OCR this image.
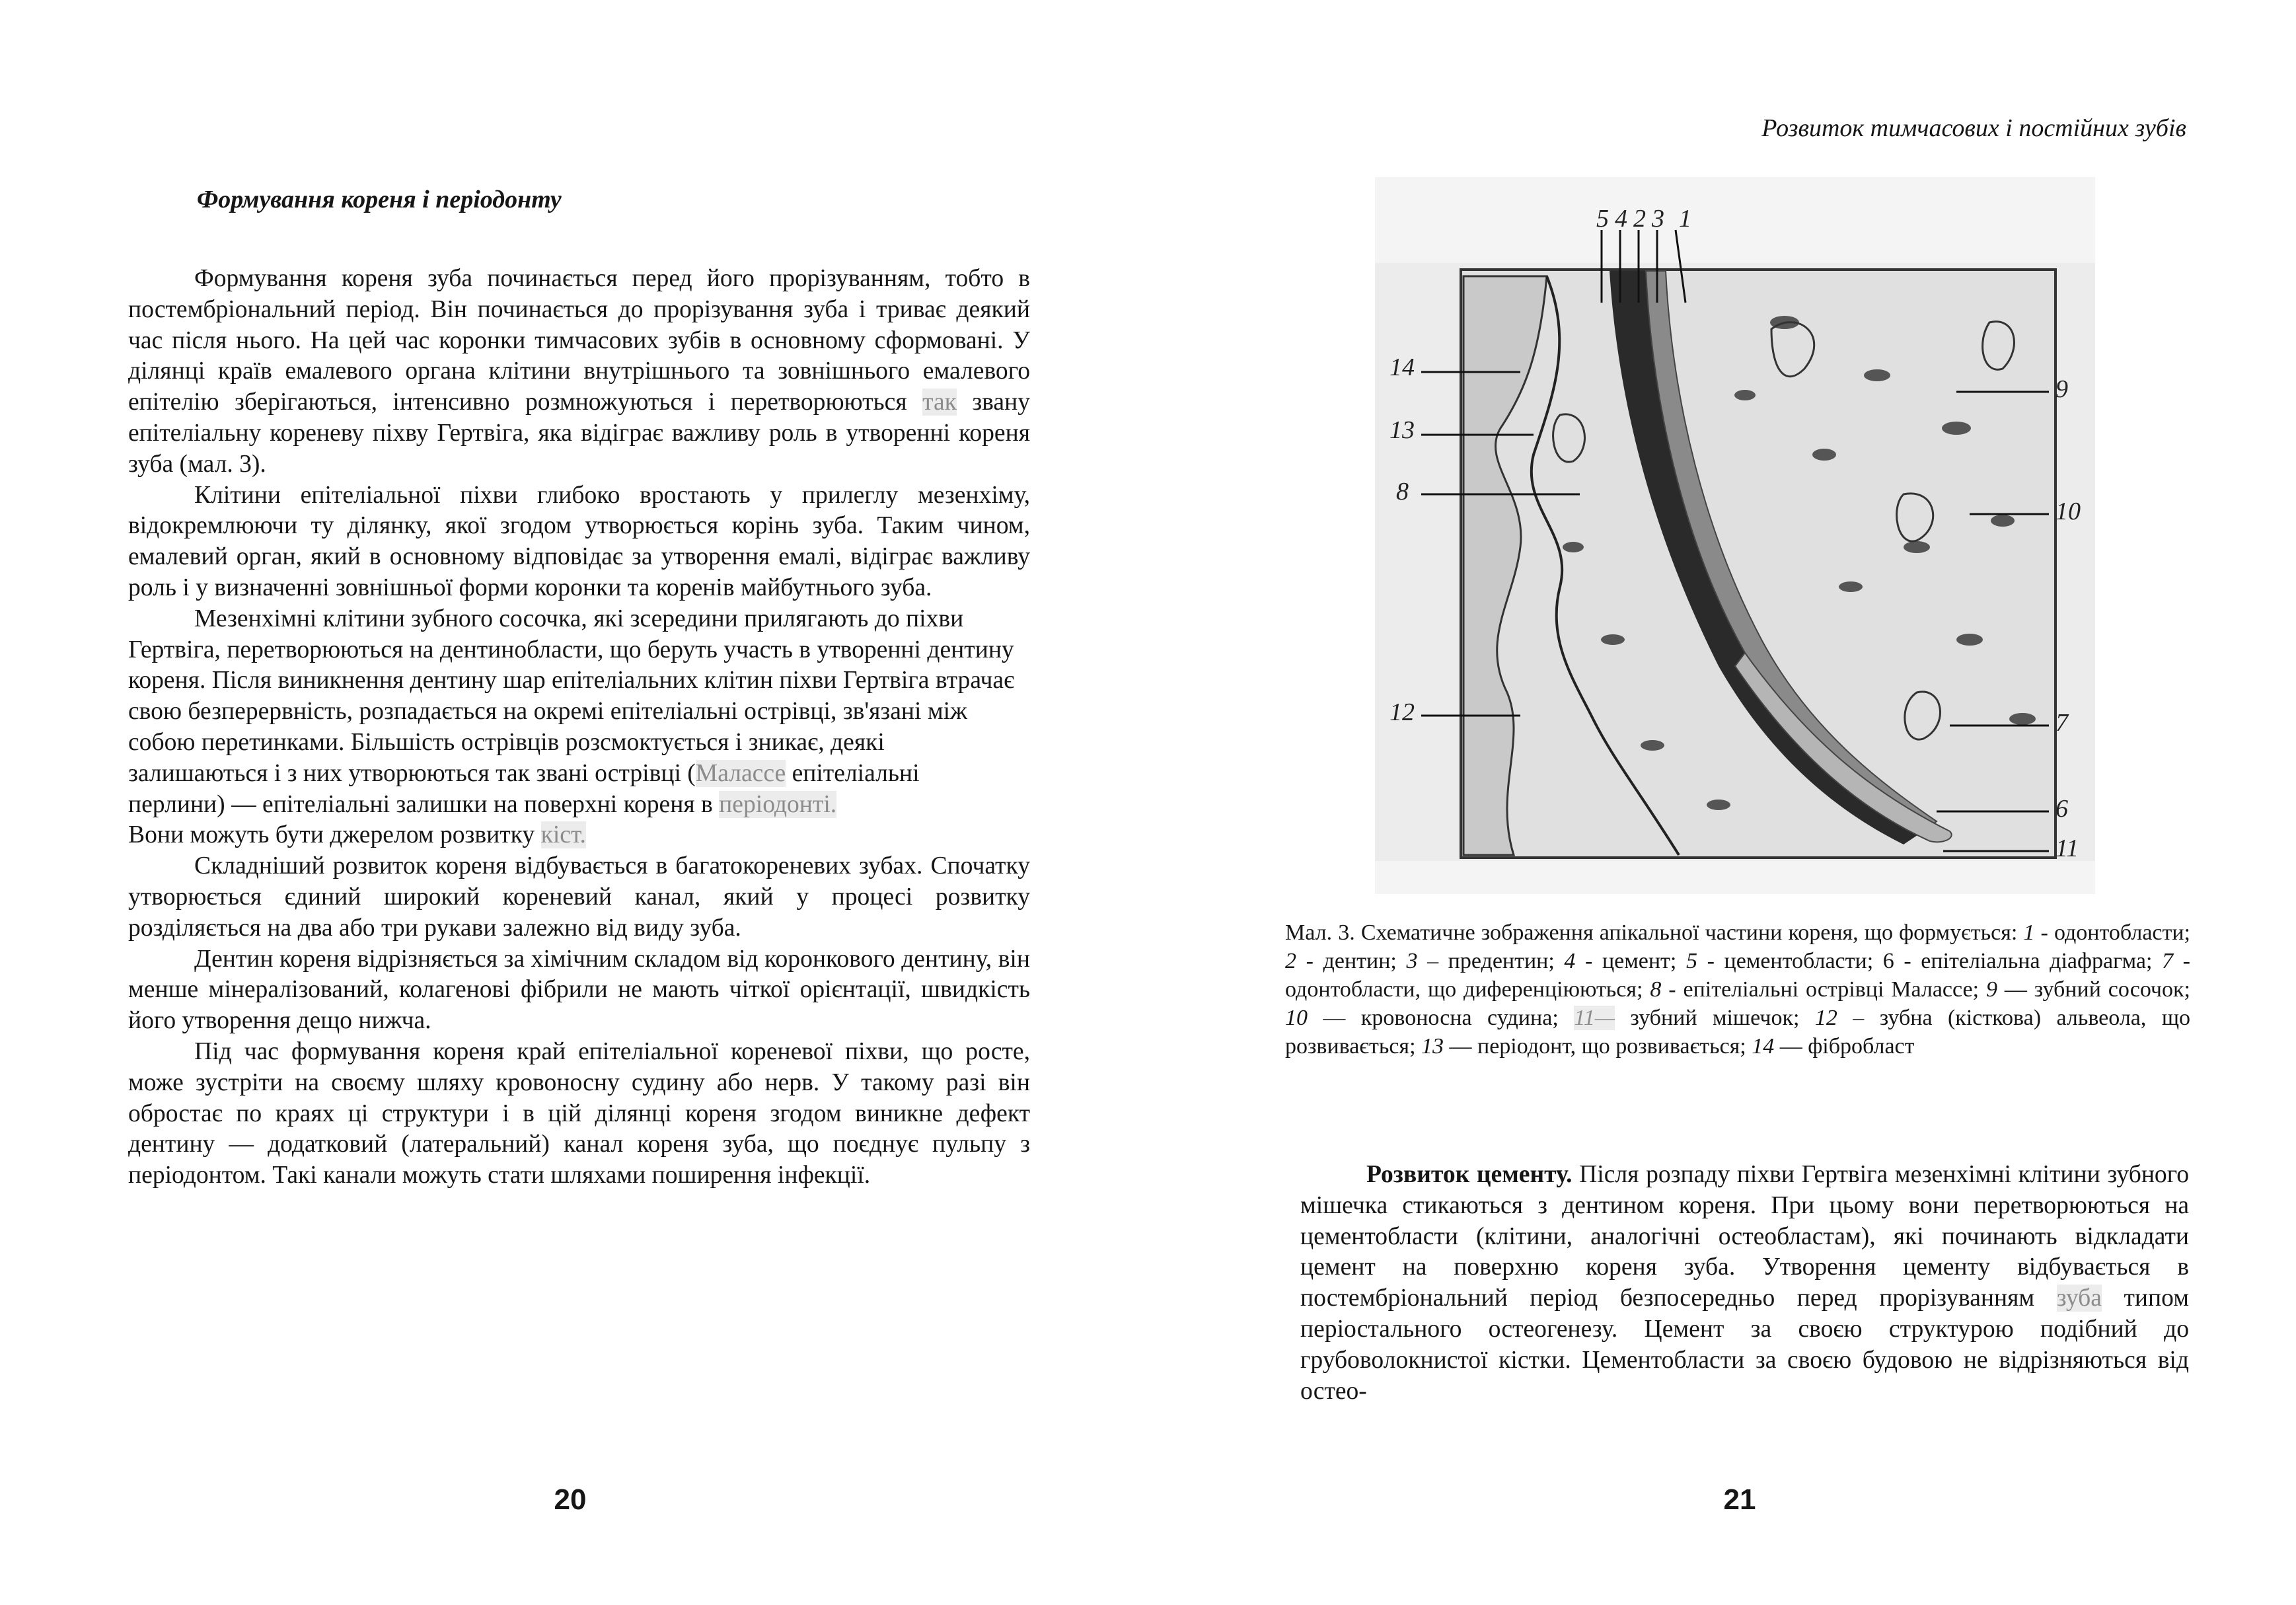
Формування кореня і періодонту

Формування кореня зуба починається перед його прорізуванням, тобто в постембріональний період. Він починається до прорізування зуба і триває деякий час після нього. На цей час коронки тимчасових зубів в основному сформовані. У ділянці країв емалевого органа клітини внутрішнього та зовнішнього емалевого епітелію зберігаються, інтенсивно розмножуються і перетворюються так звану епітеліальну кореневу піхву Гертвіга, яка відіграє важливу роль в утворенні кореня зуба (мал. 3).

Клітини епітеліальної піхви глибоко вростають у прилеглу мезенхіму, відокремлюючи ту ділянку, якої згодом утворюється корінь зуба. Таким чином, емалевий орган, який в основному відповідає за утворення емалі, відіграє важливу роль і у визначенні зовнішньої форми коронки та коренів майбутнього зуба.

Мезенхімні клітини зубного сосочка, які зсередини прилягають до піхви Гертвіга, перетворюються на дентинобласти, що беруть участь в утворенні дентину кореня. Після виникнення дентину шар епітеліальних клітин піхви Гертвіга втрачає свою безперервність, розпадається на окремі епітеліальні острівці, зв'язані між собою перетинками. Більшість острівців розсмоктується і зникає, деякі залишаються і з них утворюються так звані острівці (Малассе епітеліальні
перлини) — епітеліальні залишки на поверхні кореня в періодонті.
Вони можуть бути джерелом розвитку кіст.

Складніший розвиток кореня відбувається в багатокореневих зубах. Спочатку утворюється єдиний широкий кореневий канал, який у процесі розвитку розділяється на два або три рукави залежно від виду зуба.

Дентин кореня відрізняється за хімічним складом від коронкового дентину, він менше мінералізований, колагенові фібрили не мають чіткої орієнтації, швидкість його утворення дещо нижча.

Під час формування кореня край епітеліальної кореневої піхви, що росте, може зустріти на своєму шляху кровоносну судину або нерв. У такому разі він обростає по краях ці структури і в цій ділянці кореня згодом виникне дефект дентину — додатковий (латеральний) канал кореня зуба, що поєднує пульпу з періодонтом. Такі канали можуть стати шляхами поширення інфекції.

20
Розвиток тимчасових і постійних зубів
5 4 2 3 1
14
13
8
12
9
10
7
6
11

Мал. 3. Схематичне зображення апікальної частини кореня, що формується: 1 - одонтобласти; 2 - дентин; 3 – предентин; 4 - цемент; 5 - цементобласти; 6 - епітеліальна діафрагма; 7 - одонтобласти, що диференціюються; 8 - епітеліальні острівці Малассе; 9 — зубний сосочок; 10 — кровоносна судина; 11— зубний мішечок; 12 – зубна (кісткова) альвеола, що розвивається; 13 — періодонт, що розвивається; 14 — фібробласт

Розвиток цементу. Після розпаду піхви Гертвіга мезенхімні клітини зубного мішечка стикаються з дентином кореня. При цьому вони перетворюються на цементобласти (клітини, аналогічні остеобластам), які починають відкладати цемент на поверхню кореня зуба. Утворення цементу відбувається в постембріональний період безпосередньо перед прорізуванням зуба типом періостального остеогенезу. Цемент за своєю структурою подібний до грубоволокнистої кістки. Цементобласти за своєю будовою не відрізняються від остео-

21
